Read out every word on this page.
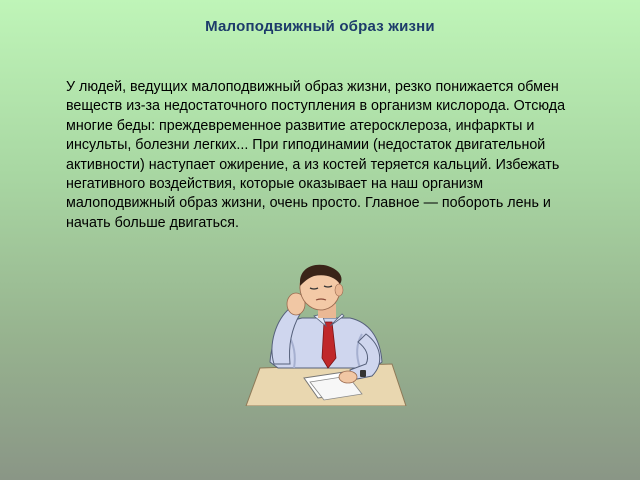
Малоподвижный образ жизни
У людей, ведущих малоподвижный образ жизни, резко понижается обмен веществ из-за недостаточного поступления в организм кислорода. Отсюда многие беды: преждевременное развитие атеросклероза, инфаркты и инсульты, болезни легких... При гиподинамии (недостаток двигательной активности) наступает ожирение, а из костей теряется кальций. Избежать негативного воздействия, которые оказывает на наш организм малоподвижный образ жизни, очень просто. Главное — побороть лень и начать больше двигаться.
